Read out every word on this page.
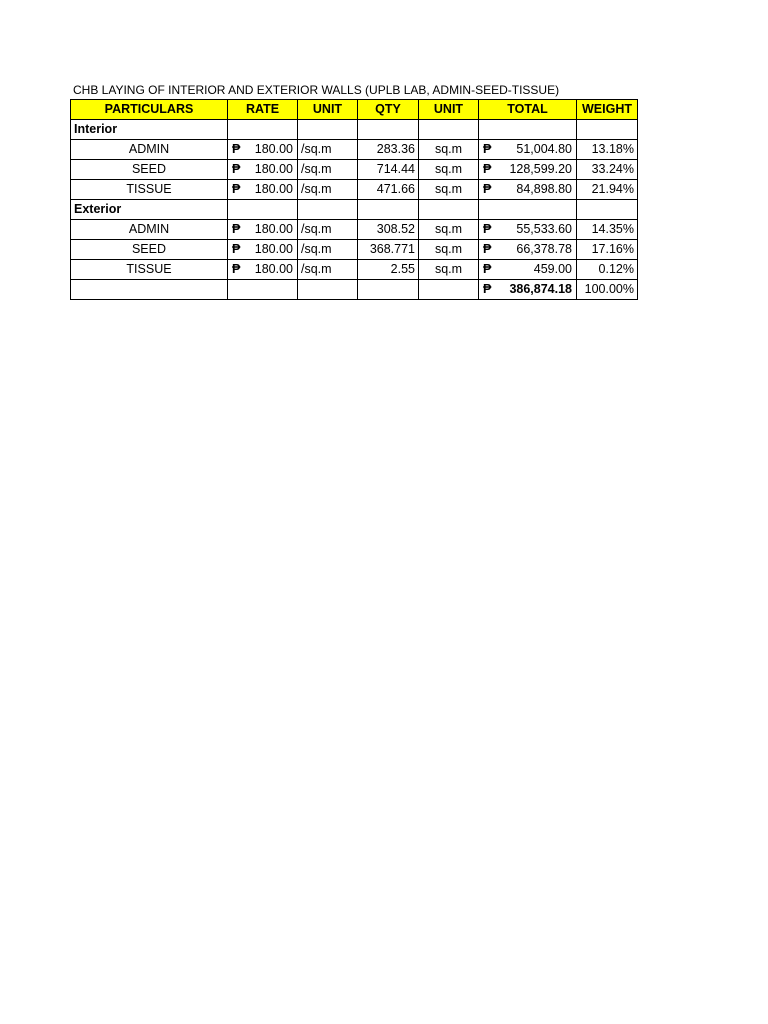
CHB LAYING OF INTERIOR AND EXTERIOR WALLS (UPLB LAB, ADMIN-SEED-TISSUE)
PARTICULARS	RATE	UNIT	QTY	UNIT	TOTAL	WEIGHT
Interior						
ADMIN	₱ 180.00	/sq.m	283.36	sq.m	₱ 51,004.80	13.18%
SEED	₱ 180.00	/sq.m	714.44	sq.m	₱ 128,599.20	33.24%
TISSUE	₱ 180.00	/sq.m	471.66	sq.m	₱ 84,898.80	21.94%
Exterior						
ADMIN	₱ 180.00	/sq.m	308.52	sq.m	₱ 55,533.60	14.35%
SEED	₱ 180.00	/sq.m	368.771	sq.m	₱ 66,378.78	17.16%
TISSUE	₱ 180.00	/sq.m	2.55	sq.m	₱ 459.00	0.12%

					₱ 386,874.18	100.00%
